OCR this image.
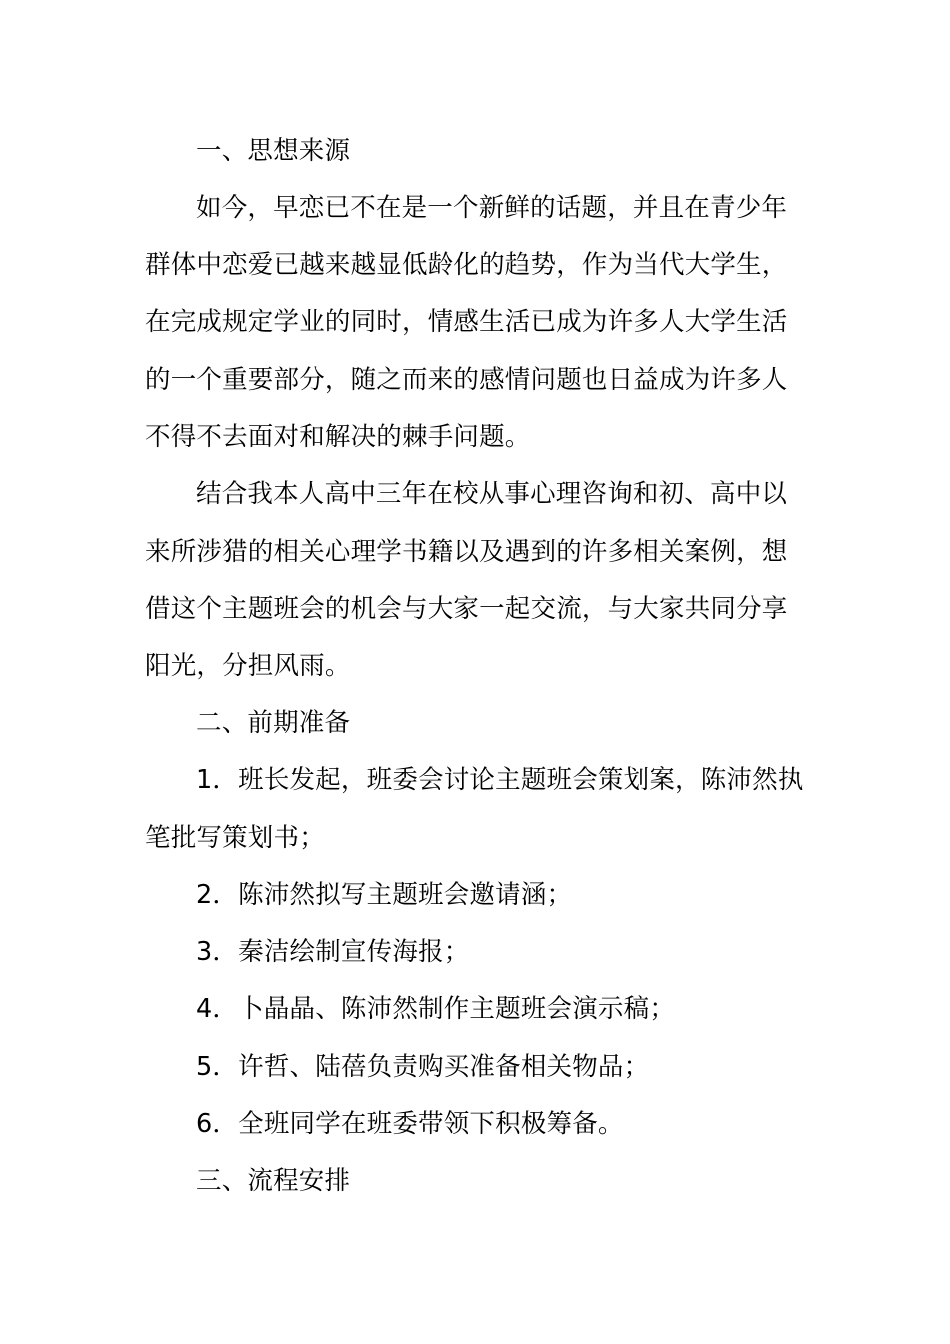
一、思想来源
如今，早恋已不在是一个新鲜的话题，并且在青少年
群体中恋爱已越来越显低龄化的趋势，作为当代大学生，
在完成规定学业的同时，情感生活已成为许多人大学生活
的一个重要部分，随之而来的感情问题也日益成为许多人
不得不去面对和解决的棘手问题。
结合我本人高中三年在校从事心理咨询和初、高中以
来所涉猎的相关心理学书籍以及遇到的许多相关案例，想
借这个主题班会的机会与大家一起交流，与大家共同分享
阳光，分担风雨。
二、前期准备
1．班长发起，班委会讨论主题班会策划案，陈沛然执
笔批写策划书；
2．陈沛然拟写主题班会邀请涵；
3．秦洁绘制宣传海报；
4．卜晶晶、陈沛然制作主题班会演示稿；
5．许哲、陆蓓负责购买准备相关物品；
6．全班同学在班委带领下积极筹备。
三、流程安排
